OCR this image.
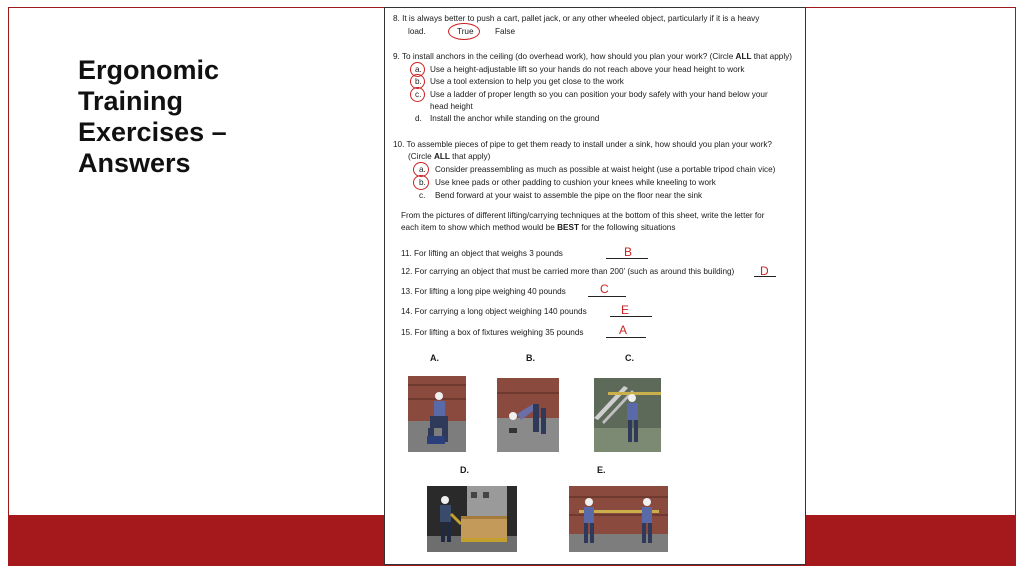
Ergonomic
Training
Exercises –
Answers
8. It is always better to push a cart, pallet jack, or any other wheeled object, particularly if it is a heavy
load.	True	False
9. To install anchors in the ceiling (do overhead work), how should you plan your work? (Circle ALL that apply)
a. Use a height-adjustable lift so your hands do not reach above your head height to work
b. Use a tool extension to help you get close to the work
c. Use a ladder of proper length so you can position your body safely with your hand below your
head height
d. Install the anchor while standing on the ground
10. To assemble pieces of pipe to get them ready to install under a sink, how should you plan your work?
(Circle ALL that apply)
a. Consider preassembling as much as possible at waist height (use a portable tripod chain vice)
b. Use knee pads or other padding to cushion your knees while kneeling to work
c. Bend forward at your waist to assemble the pipe on the floor near the sink
From the pictures of different lifting/carrying techniques at the bottom of this sheet, write the letter for
each item to show which method would be BEST for the following situations
11. For lifting an object that weighs 3 pounds	B
12. For carrying an object that must be carried more than 200’ (such as around this building) D
13. For lifting a long pipe weighing 40 pounds	C
14. For carrying a long object weighing 140 pounds	E
15. For lifting a box of fixtures weighing 35 pounds	A
A.	B.	C.
D.	E.
